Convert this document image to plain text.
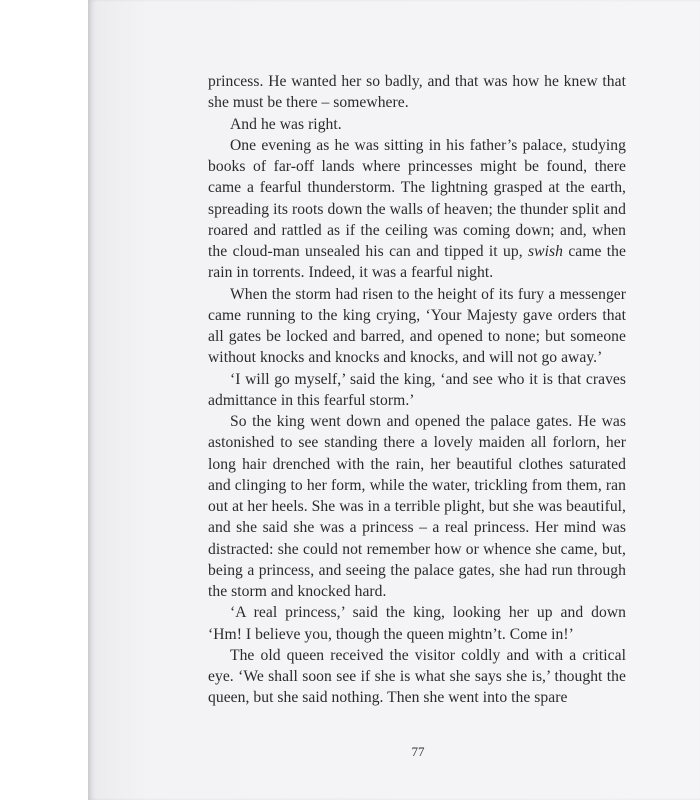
princess. He wanted her so badly, and that was how he knew that she must be there – somewhere.

And he was right.

One evening as he was sitting in his father’s palace, studying books of far-off lands where princesses might be found, there came a fearful thunderstorm. The lightning grasped at the earth, spreading its roots down the walls of heaven; the thunder split and roared and rattled as if the ceiling was coming down; and, when the cloud-man unsealed his can and tipped it up, swish came the rain in torrents. Indeed, it was a fearful night.

When the storm had risen to the height of its fury a messenger came running to the king crying, ‘Your Majesty gave orders that all gates be locked and barred, and opened to none; but someone without knocks and knocks and knocks, and will not go away.’

‘I will go myself,’ said the king, ‘and see who it is that craves admittance in this fearful storm.’

So the king went down and opened the palace gates. He was astonished to see standing there a lovely maiden all forlorn, her long hair drenched with the rain, her beautiful clothes saturated and clinging to her form, while the water, trickling from them, ran out at her heels. She was in a terrible plight, but she was beautiful, and she said she was a princess – a real princess. Her mind was distracted: she could not remember how or whence she came, but, being a princess, and seeing the palace gates, she had run through the storm and knocked hard.

‘A real princess,’ said the king, looking her up and down
‘Hm! I believe you, though the queen mightn’t. Come in!’

The old queen received the visitor coldly and with a critical eye. ‘We shall soon see if she is what she says she is,’ thought the queen, but she said nothing. Then she went into the spare

77
